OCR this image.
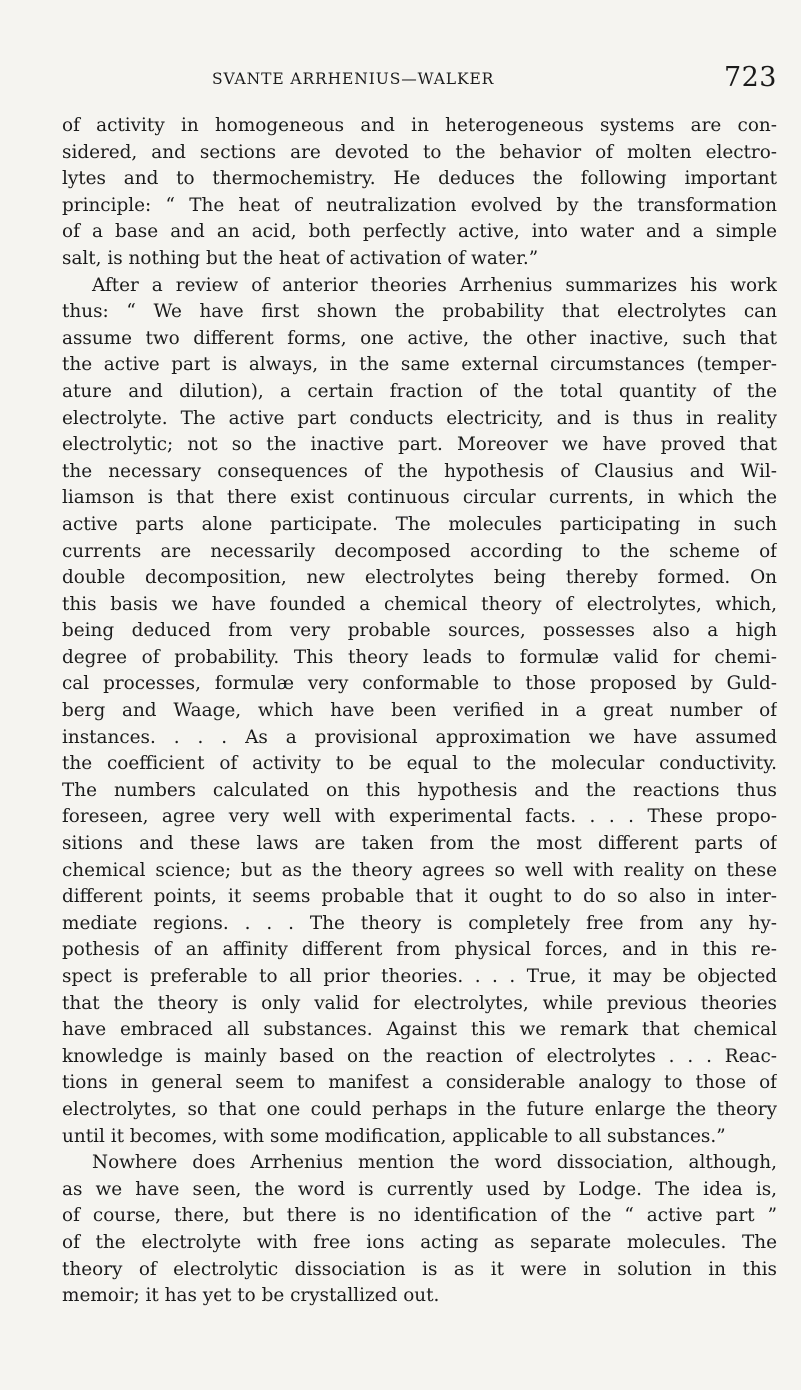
SVANTE ARRHENIUS—WALKER	723
of activity in homogeneous and in heterogeneous systems are con-
sidered, and sections are devoted to the behavior of molten electro-
lytes and to thermochemistry. He deduces the following important
principle: “ The heat of neutralization evolved by the transformation
of a base and an acid, both perfectly active, into water and a simple
salt, is nothing but the heat of activation of water.”
After a review of anterior theories Arrhenius summarizes his work
thus: “ We have first shown the probability that electrolytes can
assume two different forms, one active, the other inactive, such that
the active part is always, in the same external circumstances (temper-
ature and dilution), a certain fraction of the total quantity of the
electrolyte. The active part conducts electricity, and is thus in reality
electrolytic; not so the inactive part. Moreover we have proved that
the necessary consequences of the hypothesis of Clausius and Wil-
liamson is that there exist continuous circular currents, in which the
active parts alone participate. The molecules participating in such
currents are necessarily decomposed according to the scheme of
double decomposition, new electrolytes being thereby formed. On
this basis we have founded a chemical theory of electrolytes, which,
being deduced from very probable sources, possesses also a high
degree of probability. This theory leads to formulæ valid for chemi-
cal processes, formulæ very conformable to those proposed by Guld-
berg and Waage, which have been verified in a great number of
instances. . . . As a provisional approximation we have assumed
the coefficient of activity to be equal to the molecular conductivity.
The numbers calculated on this hypothesis and the reactions thus
foreseen, agree very well with experimental facts. . . . These propo-
sitions and these laws are taken from the most different parts of
chemical science; but as the theory agrees so well with reality on these
different points, it seems probable that it ought to do so also in inter-
mediate regions. . . . The theory is completely free from any hy-
pothesis of an affinity different from physical forces, and in this re-
spect is preferable to all prior theories. . . . True, it may be objected
that the theory is only valid for electrolytes, while previous theories
have embraced all substances. Against this we remark that chemical
knowledge is mainly based on the reaction of electrolytes . . . Reac-
tions in general seem to manifest a considerable analogy to those of
electrolytes, so that one could perhaps in the future enlarge the theory
until it becomes, with some modification, applicable to all substances.”
Nowhere does Arrhenius mention the word dissociation, although,
as we have seen, the word is currently used by Lodge. The idea is,
of course, there, but there is no identification of the “ active part ”
of the electrolyte with free ions acting as separate molecules. The
theory of electrolytic dissociation is as it were in solution in this
memoir; it has yet to be crystallized out.
